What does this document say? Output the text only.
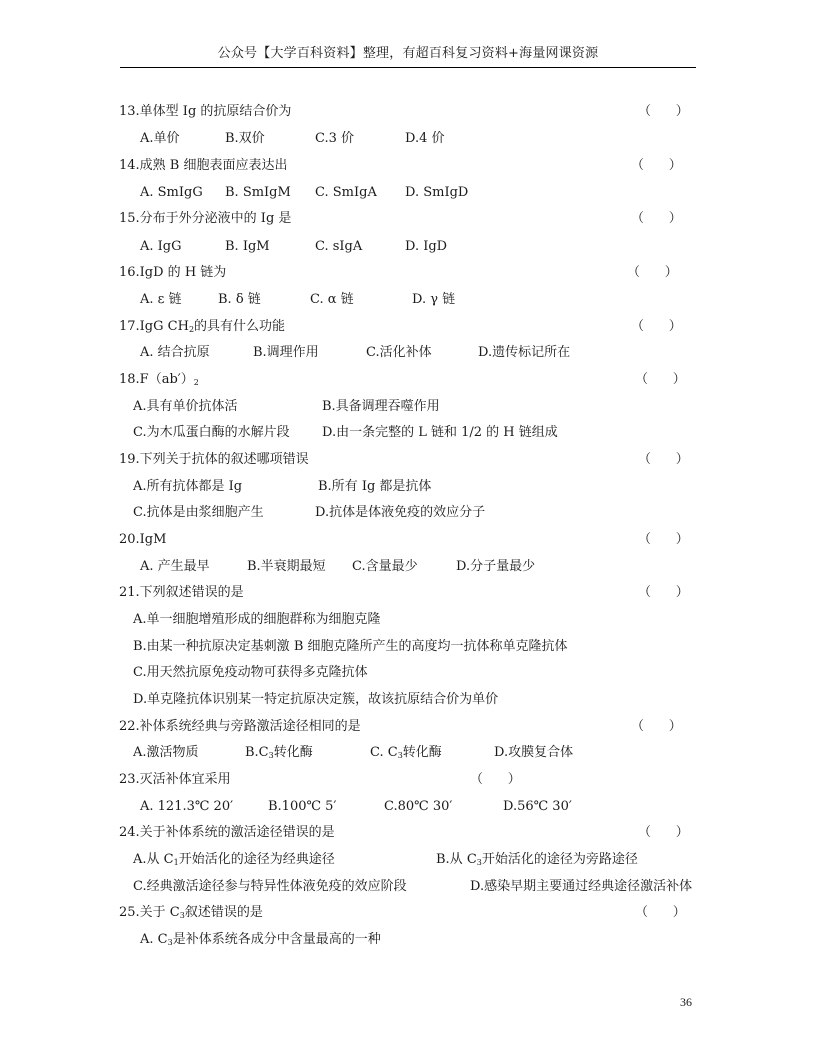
公众号【大学百科资料】整理，有超百科复习资料+海量网课资源
13.单体型 Ig 的抗原结合价为	（      ）
A.单价	B.双价	C.3 价	D.4 价
14.成熟 B 细胞表面应表达出	（      ）
A. SmIgG B. SmIgM C. SmIgA D. SmIgD
15.分布于外分泌液中的 Ig 是	（      ）
A. IgG	B. IgM	C. sIgA	D. IgD
16.IgD 的 H 链为	（      ）
A. ε 链	B. δ 链	C. α 链	D. γ 链
17.IgG $CH_2$的具有什么功能	（      ）
A. 结合抗原	B.调理作用	C.活化补体	D.遗传标记所在
$18.F(ab')_2$	（      ）
A.具有单价抗体活	B.具备调理吞噬作用
C.为木瓜蛋白酶的水解片段 D.由一条完整的 L 链和 1/2 的 H 链组成
19.下列关于抗体的叙述哪项错误	（      ）
A.所有抗体都是 Ig	B.所有 Ig 都是抗体
C.抗体是由浆细胞产生	D.抗体是体液免疫的效应分子
20.IgM	（      ）
A. 产生最早	B.半衰期最短 C.含量最少	D.分子量最少
21.下列叙述错误的是	（      ）
A.单一细胞增殖形成的细胞群称为细胞克隆
B.由某一种抗原决定基刺激 B 细胞克隆所产生的高度均一抗体称单克隆抗体
C.用天然抗原免疫动物可获得多克隆抗体
D.单克隆抗体识别某一特定抗原决定簇，故该抗原结合价为单价
22.补体系统经典与旁路激活途径相同的是	（      ）
A.激活物质	$B.C_3$转化酶	C. $C_3$转化酶	D.攻膜复合体
23.灭活补体宜采用	（      ）
A. 121.3℃ 20′	B.100℃ 5′	C.80℃ 30′	D.56℃ 30′
24.关于补体系统的激活途径错误的是	（      ）
A.从 $C_1$开始活化的途径为经典途径	B.从 $C_3$开始活化的途径为旁路途径
C.经典激活途径参与特异性体液免疫的效应阶段	D.感染早期主要通过经典途径激活补体
25.关于 $C_3$叙述错误的是	（      ）
A. $C_3$是补体系统各成分中含量最高的一种
36
